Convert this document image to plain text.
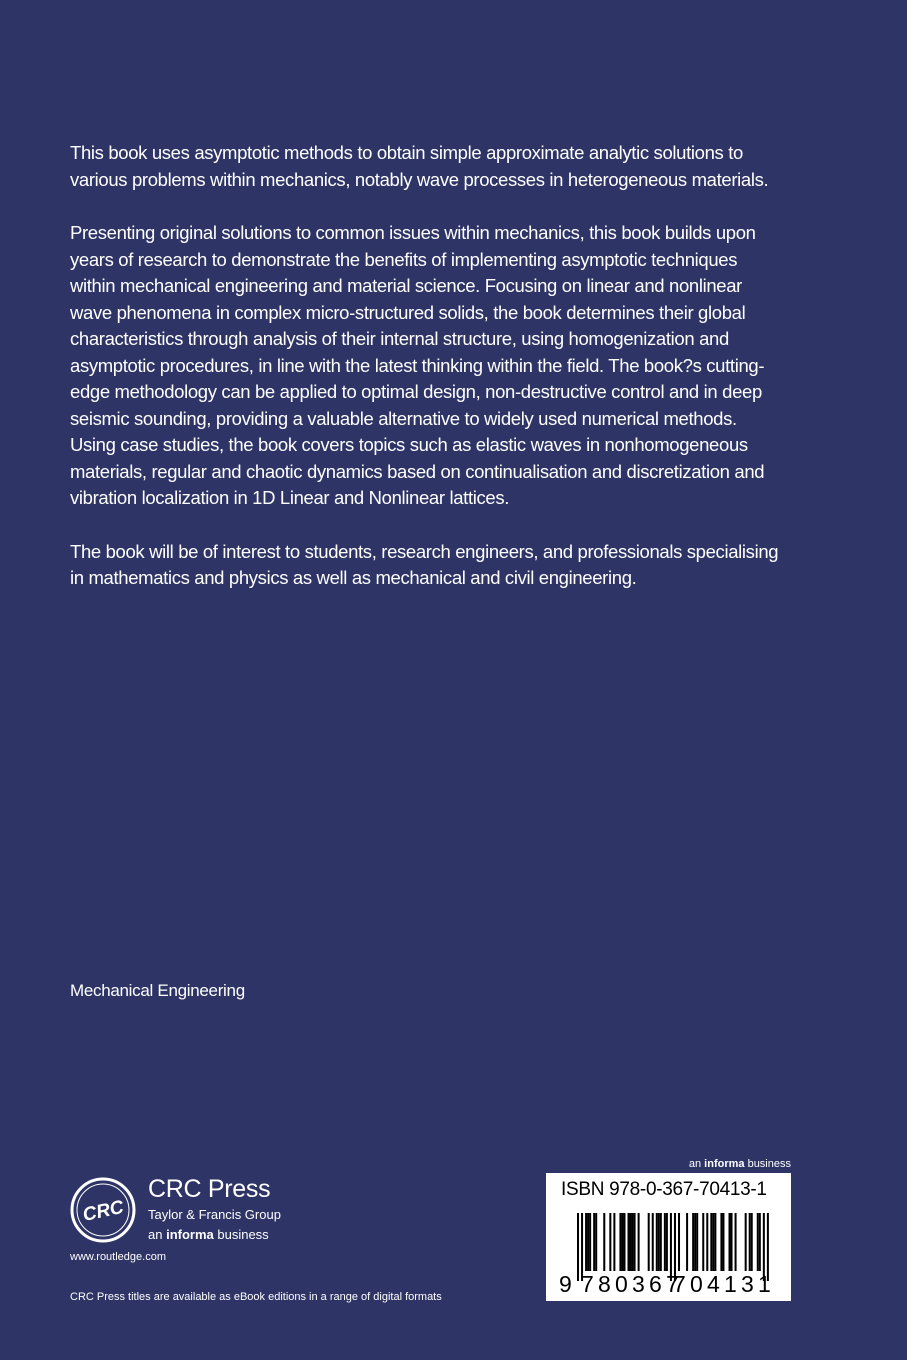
This book uses asymptotic methods to obtain simple approximate analytic solutions to various problems within mechanics, notably wave processes in heterogeneous materials.

Presenting original solutions to common issues within mechanics, this book builds upon years of research to demonstrate the benefits of implementing asymptotic techniques within mechanical engineering and material science. Focusing on linear and nonlinear wave phenomena in complex micro-structured solids, the book determines their global characteristics through analysis of their internal structure, using homogenization and asymptotic procedures, in line with the latest thinking within the field. The book?s cutting-edge methodology can be applied to optimal design, non-destructive control and in deep seismic sounding, providing a valuable alternative to widely used numerical methods. Using case studies, the book covers topics such as elastic waves in nonhomogeneous materials, regular and chaotic dynamics based on continualisation and discretization and vibration localization in 1D Linear and Nonlinear lattices.

The book will be of interest to students, research engineers, and professionals specialising in mathematics and physics as well as mechanical and civil engineering.

Mechanical Engineering
CRC
CRC Press
Taylor & Francis Group
an informa business
www.routledge.com
CRC Press titles are available as eBook editions in a range of digital formats
an informa business
ISBN 978-0-367-70413-1
9 780367
704131
